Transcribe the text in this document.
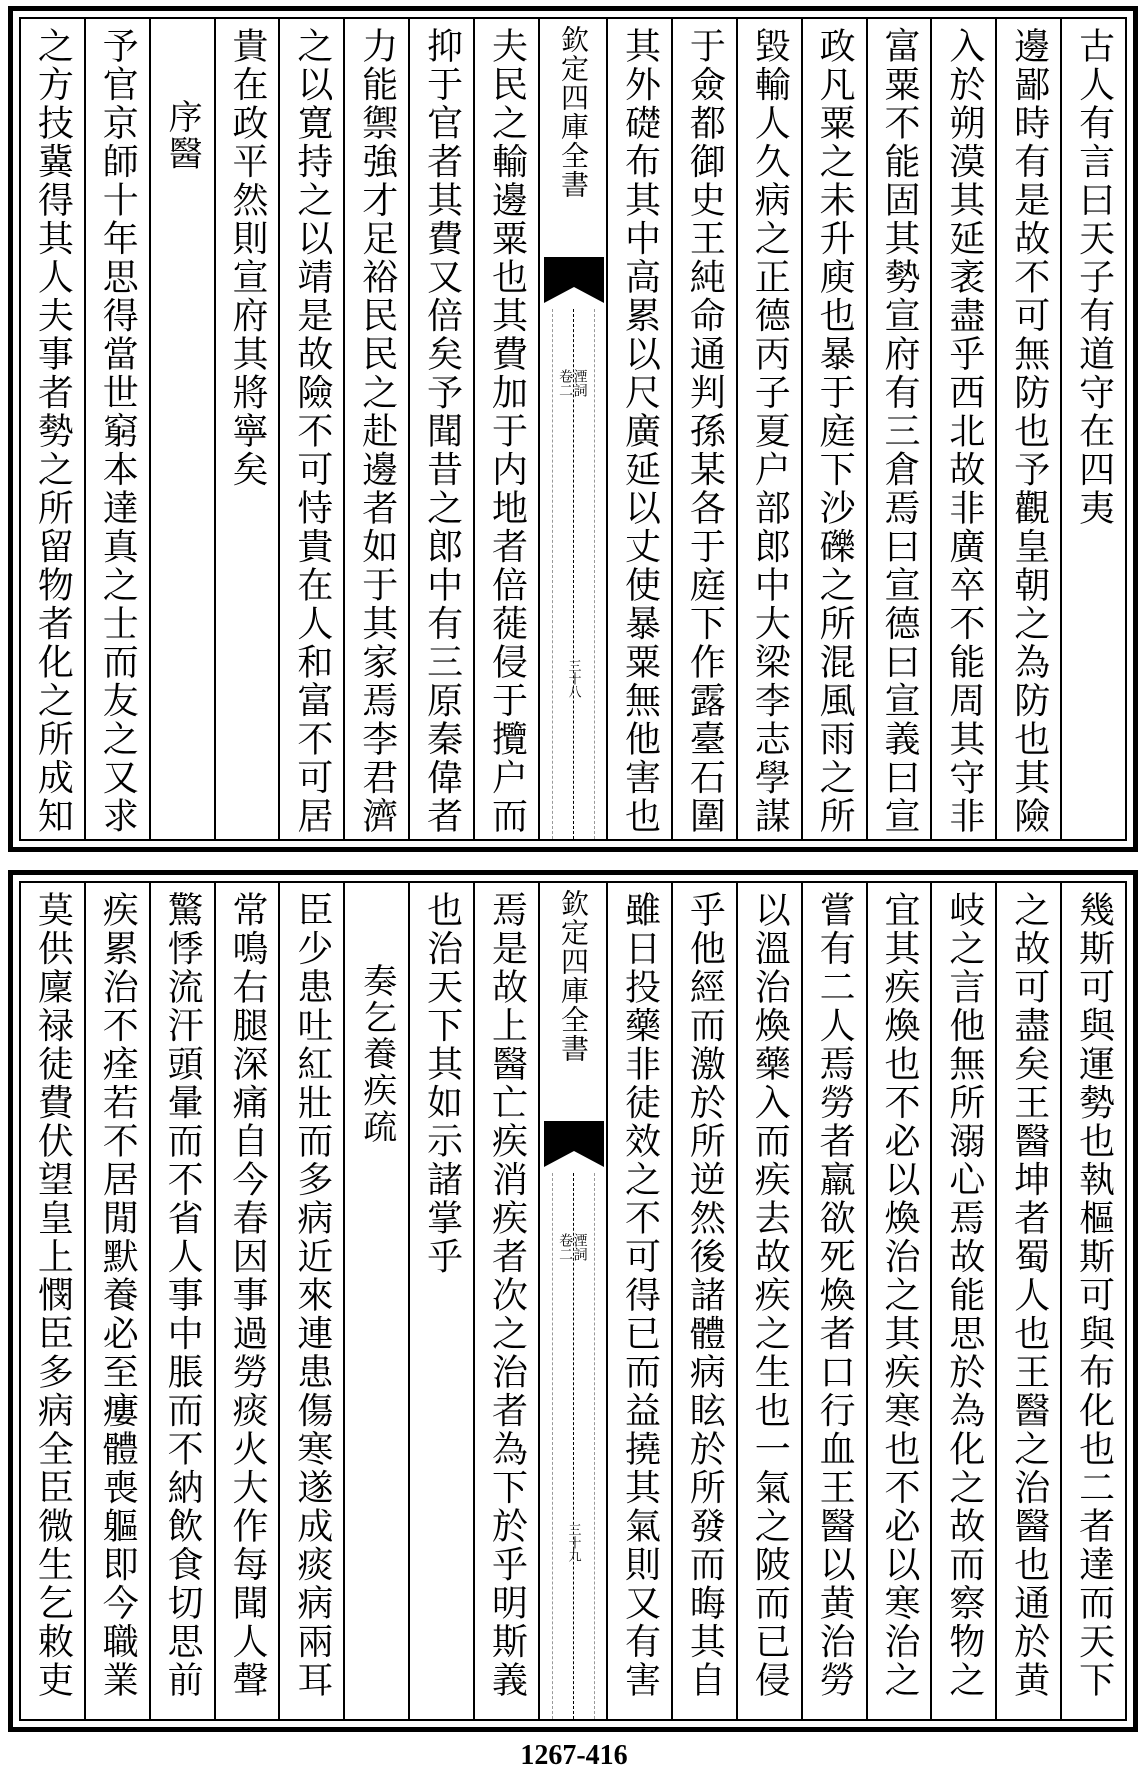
古人有言曰天子有道守在四夷
邊鄙時有是故不可無防也予觀皇朝之為防也其險
入於朔漠其延袤盡乎西北故非廣卒不能周其守非
富粟不能固其勢宣府有三倉焉曰宣德曰宣義曰宣
政凡粟之未升庾也暴于庭下沙礫之所混風雨之所
毀輸人久病之正德丙子夏户部郎中大梁李志學謀
于僉都御史王純命通判孫某各于庭下作露臺石圍
其外礎布其中高累以尺廣延以丈使暴粟無他害也
欽定四庫全書
湮詞
卷二
三十八
夫民之輸邊粟也其費加于内地者倍蓰侵于攬户而
抑于官者其費又倍矣予聞昔之郎中有三原秦偉者
力能禦強才足裕民民之赴邊者如于其家焉李君濟
之以寛持之以靖是故險不可恃貴在人和富不可居
貴在政平然則宣府其將寧矣
序醫
予官京師十年思得當世窮本達真之士而友之又求
之方技冀得其人夫事者勢之所留物者化之所成知
幾斯可與運勢也執樞斯可與布化也二者達而天下
之故可盡矣王醫坤者蜀人也王醫之治醫也通於黄
岐之言他無所溺心焉故能思於為化之故而察物之
宜其疾煥也不必以煥治之其疾寒也不必以寒治之
嘗有二人焉勞者羸欲死煥者口行血王醫以黄治勞
以溫治煥藥入而疾去故疾之生也一氣之陂而已侵
乎他經而激於所逆然後諸體病眩於所發而晦其自
雖日投藥非徒效之不可得已而益撓其氣則又有害
欽定四庫全書
湮詞
卷二
三十九
焉是故上醫亡疾消疾者次之治者為下於乎明斯義
也治天下其如示諸掌乎
奏乞養疾疏
臣少患吐紅壯而多病近來連患傷寒遂成痰病兩耳
常鳴右腿深痛自今春因事過勞痰火大作每聞人聲
驚悸流汗頭暈而不省人事中脹而不納飲食切思前
疾累治不痊若不居閒默養必至瘻體喪軀即今職業
莫供廩禄徒費伏望皇上憫臣多病全臣微生乞敕吏
1267-416
